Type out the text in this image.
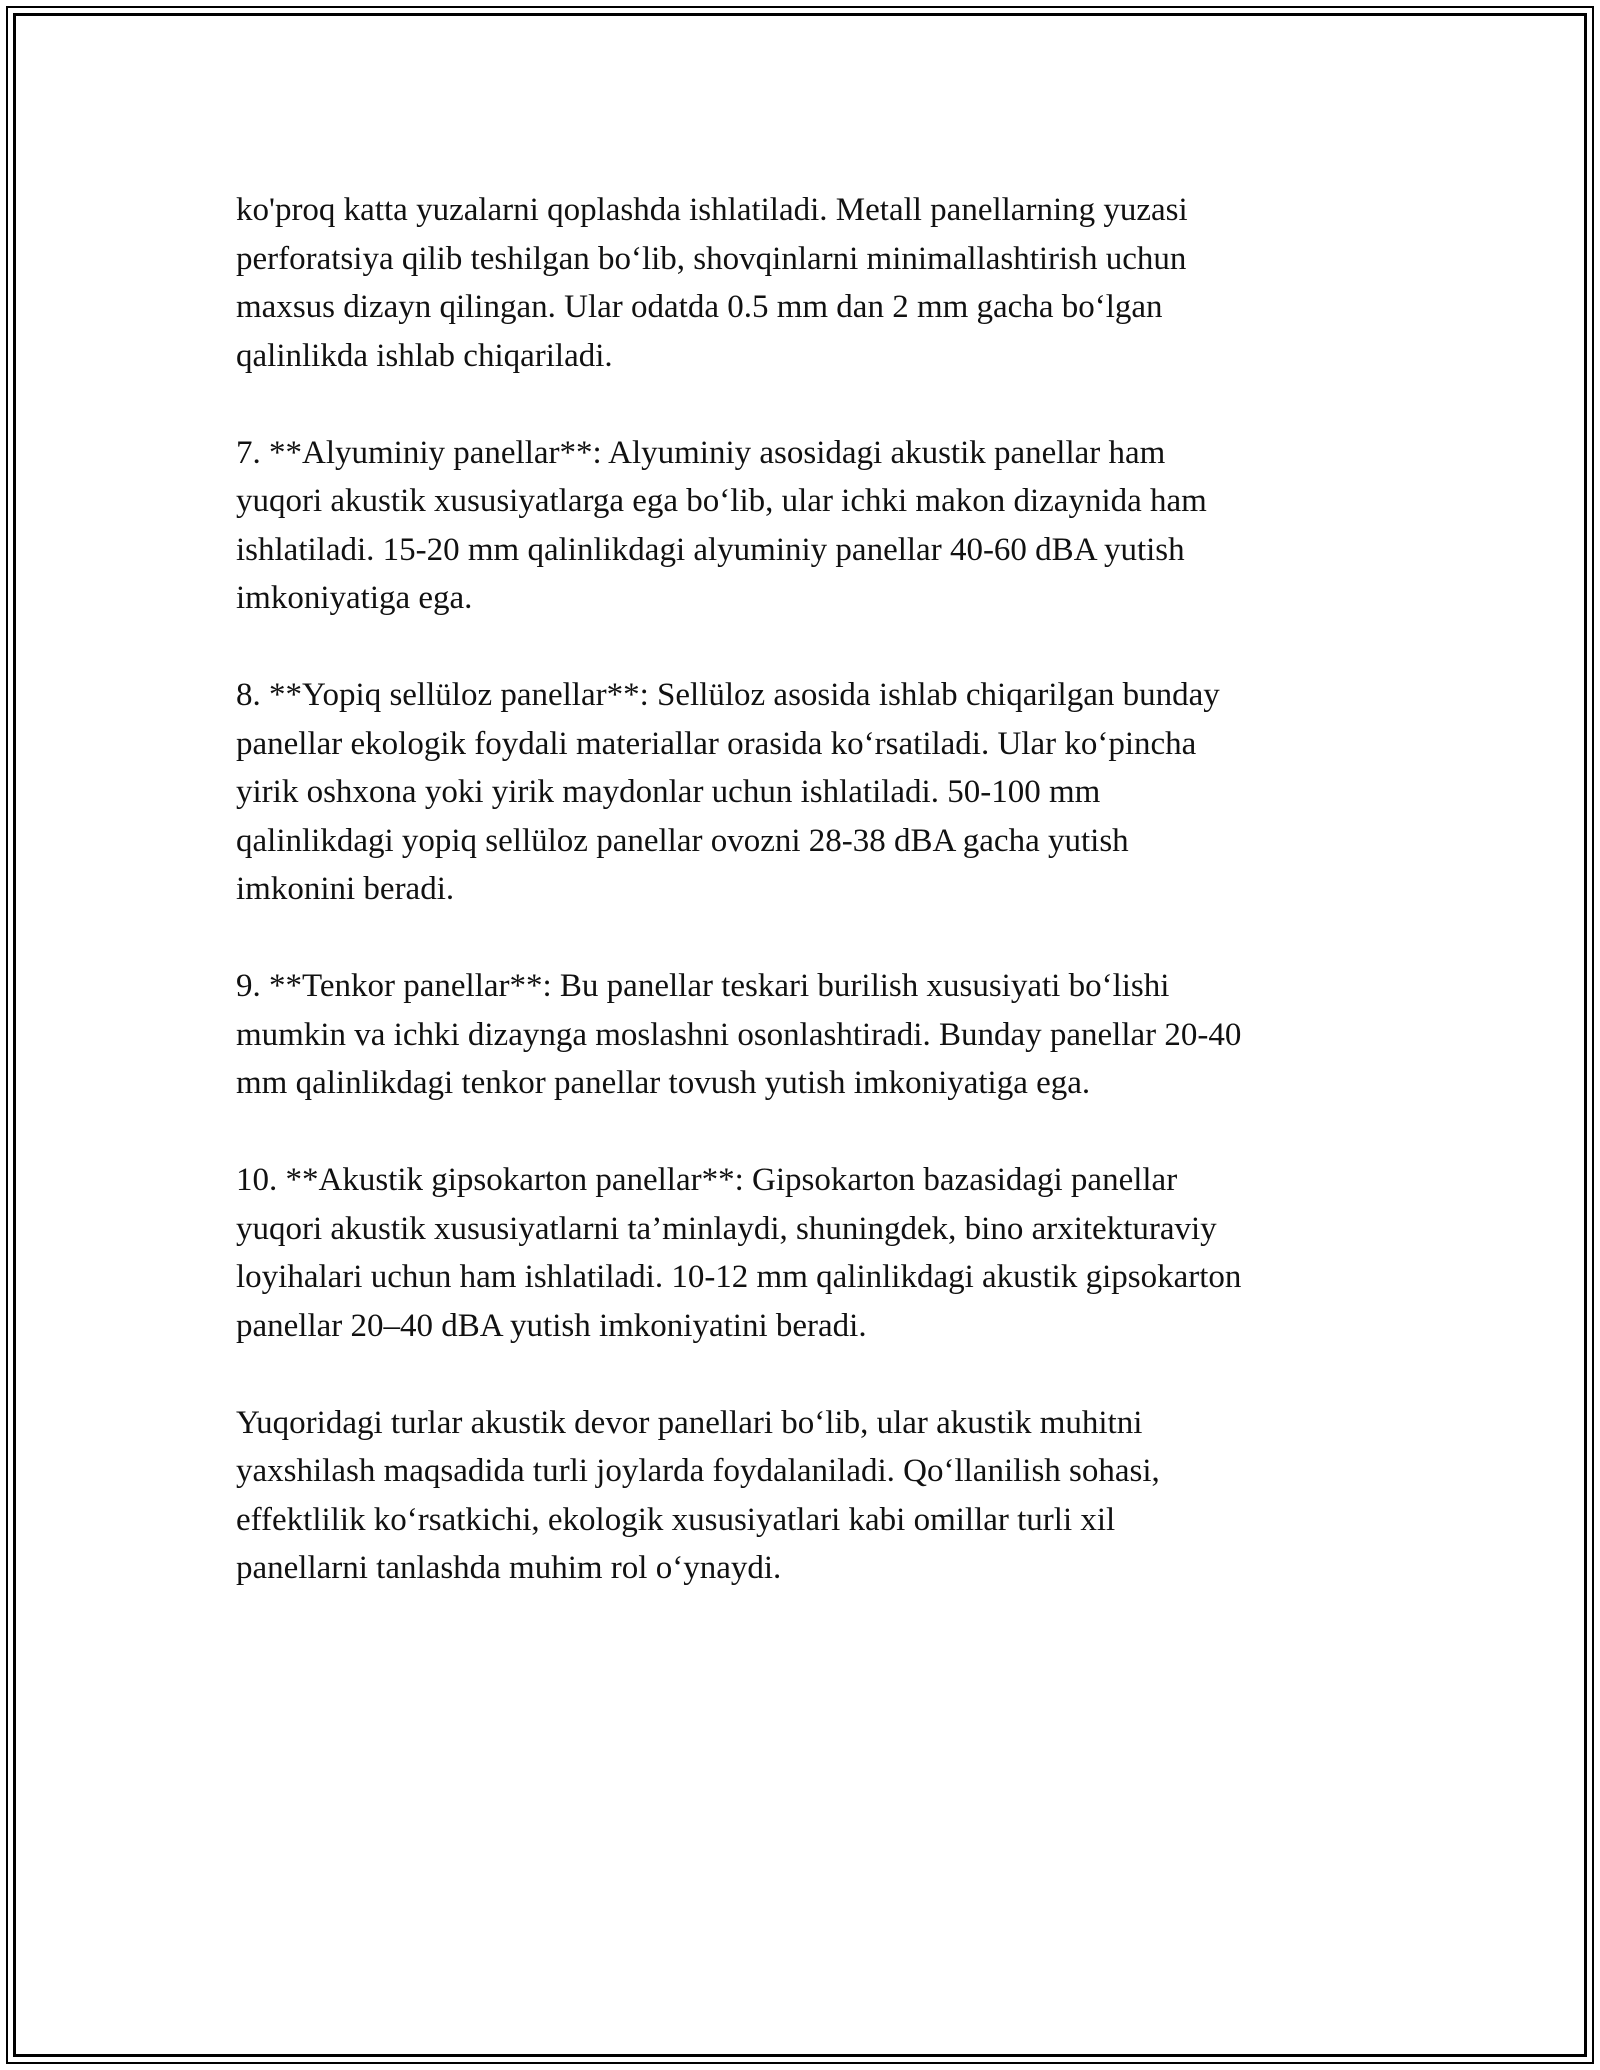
ko'proq katta yuzalarni qoplashda ishlatiladi. Metall panellarning yuzasi
perforatsiya qilib teshilgan bo‘lib, shovqinlarni minimallashtirish uchun
maxsus dizayn qilingan. Ular odatda 0.5 mm dan 2 mm gacha bo‘lgan
qalinlikda ishlab chiqariladi.

7. **Alyuminiy panellar**: Alyuminiy asosidagi akustik panellar ham
yuqori akustik xususiyatlarga ega bo‘lib, ular ichki makon dizaynida ham
ishlatiladi. 15-20 mm qalinlikdagi alyuminiy panellar 40-60 dBA yutish
imkoniyatiga ega.

8. **Yopiq sellüloz panellar**: Sellüloz asosida ishlab chiqarilgan bunday
panellar ekologik foydali materiallar orasida ko‘rsatiladi. Ular ko‘pincha
yirik oshxona yoki yirik maydonlar uchun ishlatiladi. 50-100 mm
qalinlikdagi yopiq sellüloz panellar ovozni 28-38 dBA gacha yutish
imkonini beradi.

9. **Tenkor panellar**: Bu panellar teskari burilish xususiyati bo‘lishi
mumkin va ichki dizaynga moslashni osonlashtiradi. Bunday panellar 20-40
mm qalinlikdagi tenkor panellar tovush yutish imkoniyatiga ega.

10. **Akustik gipsokarton panellar**: Gipsokarton bazasidagi panellar
yuqori akustik xususiyatlarni ta’minlaydi, shuningdek, bino arxitekturaviy
loyihalari uchun ham ishlatiladi. 10-12 mm qalinlikdagi akustik gipsokarton
panellar 20–40 dBA yutish imkoniyatini beradi.

Yuqoridagi turlar akustik devor panellari bo‘lib, ular akustik muhitni
yaxshilash maqsadida turli joylarda foydalaniladi. Qo‘llanilish sohasi,
effektlilik ko‘rsatkichi, ekologik xususiyatlari kabi omillar turli xil
panellarni tanlashda muhim rol o‘ynaydi.
